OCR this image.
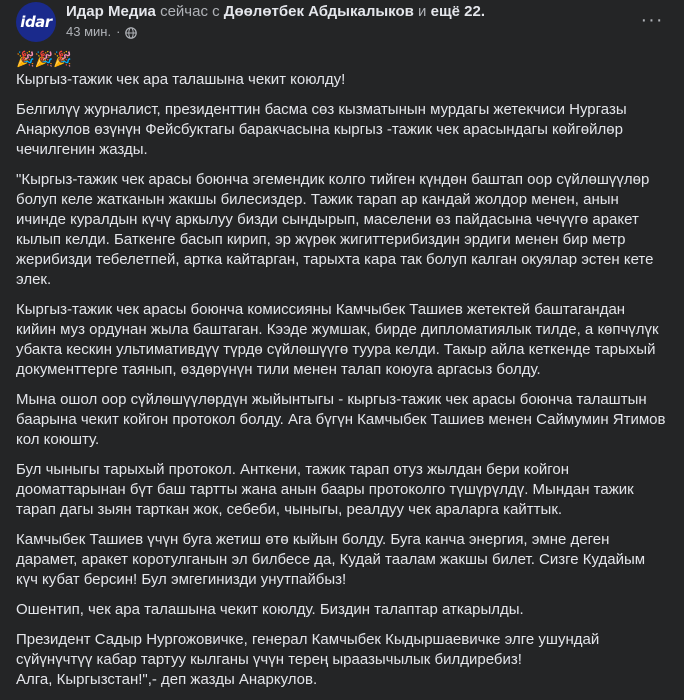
idar
Идар Медиа сейчас с Дөөлөтбек Абдыкалыков и ещё 22.
43 мин. ·
···
🎉🎉🎉

Кыргыз-тажик чек ара талашына чекит коюлду!

Белгилүү журналист, президенттин басма сөз кызматынын мурдагы жетекчиси Нургазы Анаркулов өзүнүн Фейсбуктагы баракчасына кыргыз -тажик чек арасындагы көйгөйлөр чечилгенин жазды.

"Кыргыз-тажик чек арасы боюнча эгемендик колго тийген күндөн баштап оор сүйлөшүүлөр болуп келе жатканын жакшы билесиздер. Тажик тарап ар кандай жолдор менен, анын ичинде куралдын күчү аркылуу бизди сындырып, маселени өз пайдасына чечүүгө аракет кылып келди. Баткенге басып кирип, эр жүрөк жигиттерибиздин эрдиги менен бир метр жерибизди тебелетпей, артка кайтарган, тарыхта кара так болуп калган окуялар эстен кете элек.

Кыргыз-тажик чек арасы боюнча комиссияны Камчыбек Ташиев жетектей баштагандан кийин муз ордунан жыла баштаган. Кээде жумшак, бирде дипломатиялык тилде, а көпчүлүк убакта кескин ультимативдүү түрдө сүйлөшүүгө туура келди. Такыр айла кеткенде тарыхый документтерге таянып, өздөрүнүн тили менен талап коюуга аргасыз болду.

Мына ошол оор сүйлөшүүлөрдүн жыйынтыгы - кыргыз-тажик чек арасы боюнча талаштын баарына чекит койгон протокол болду. Ага бүгүн Камчыбек Ташиев менен Саймумин Ятимов кол коюшту.

Бул чыныгы тарыхый протокол. Анткени, тажик тарап отуз жылдан бери койгон дооматтарынан бүт баш тартты жана анын баары протоколго түшүрүлдү. Мындан тажик тарап дагы зыян тарткан жок, себеби, чыныгы, реалдуу чек араларга кайттык.

Камчыбек Ташиев үчүн буга жетиш өтө кыйын болду. Буга канча энергия, эмне деген дарамет, аракет коротулганын эл билбесе да, Кудай таалам жакшы билет. Сизге Кудайым күч кубат берсин! Бул эмгегинизди унутпайбыз!

Ошентип, чек ара талашына чекит коюлду. Биздин талаптар аткарылды.

Президент Садыр Нургожовичке, генерал Камчыбек Кыдыршаевичке элге ушундай сүйүнүчтүү кабар тартуу кылганы үчүн терең ыраазычылык билдиребиз!

Алга, Кыргызстан!",- деп жазды Анаркулов.
